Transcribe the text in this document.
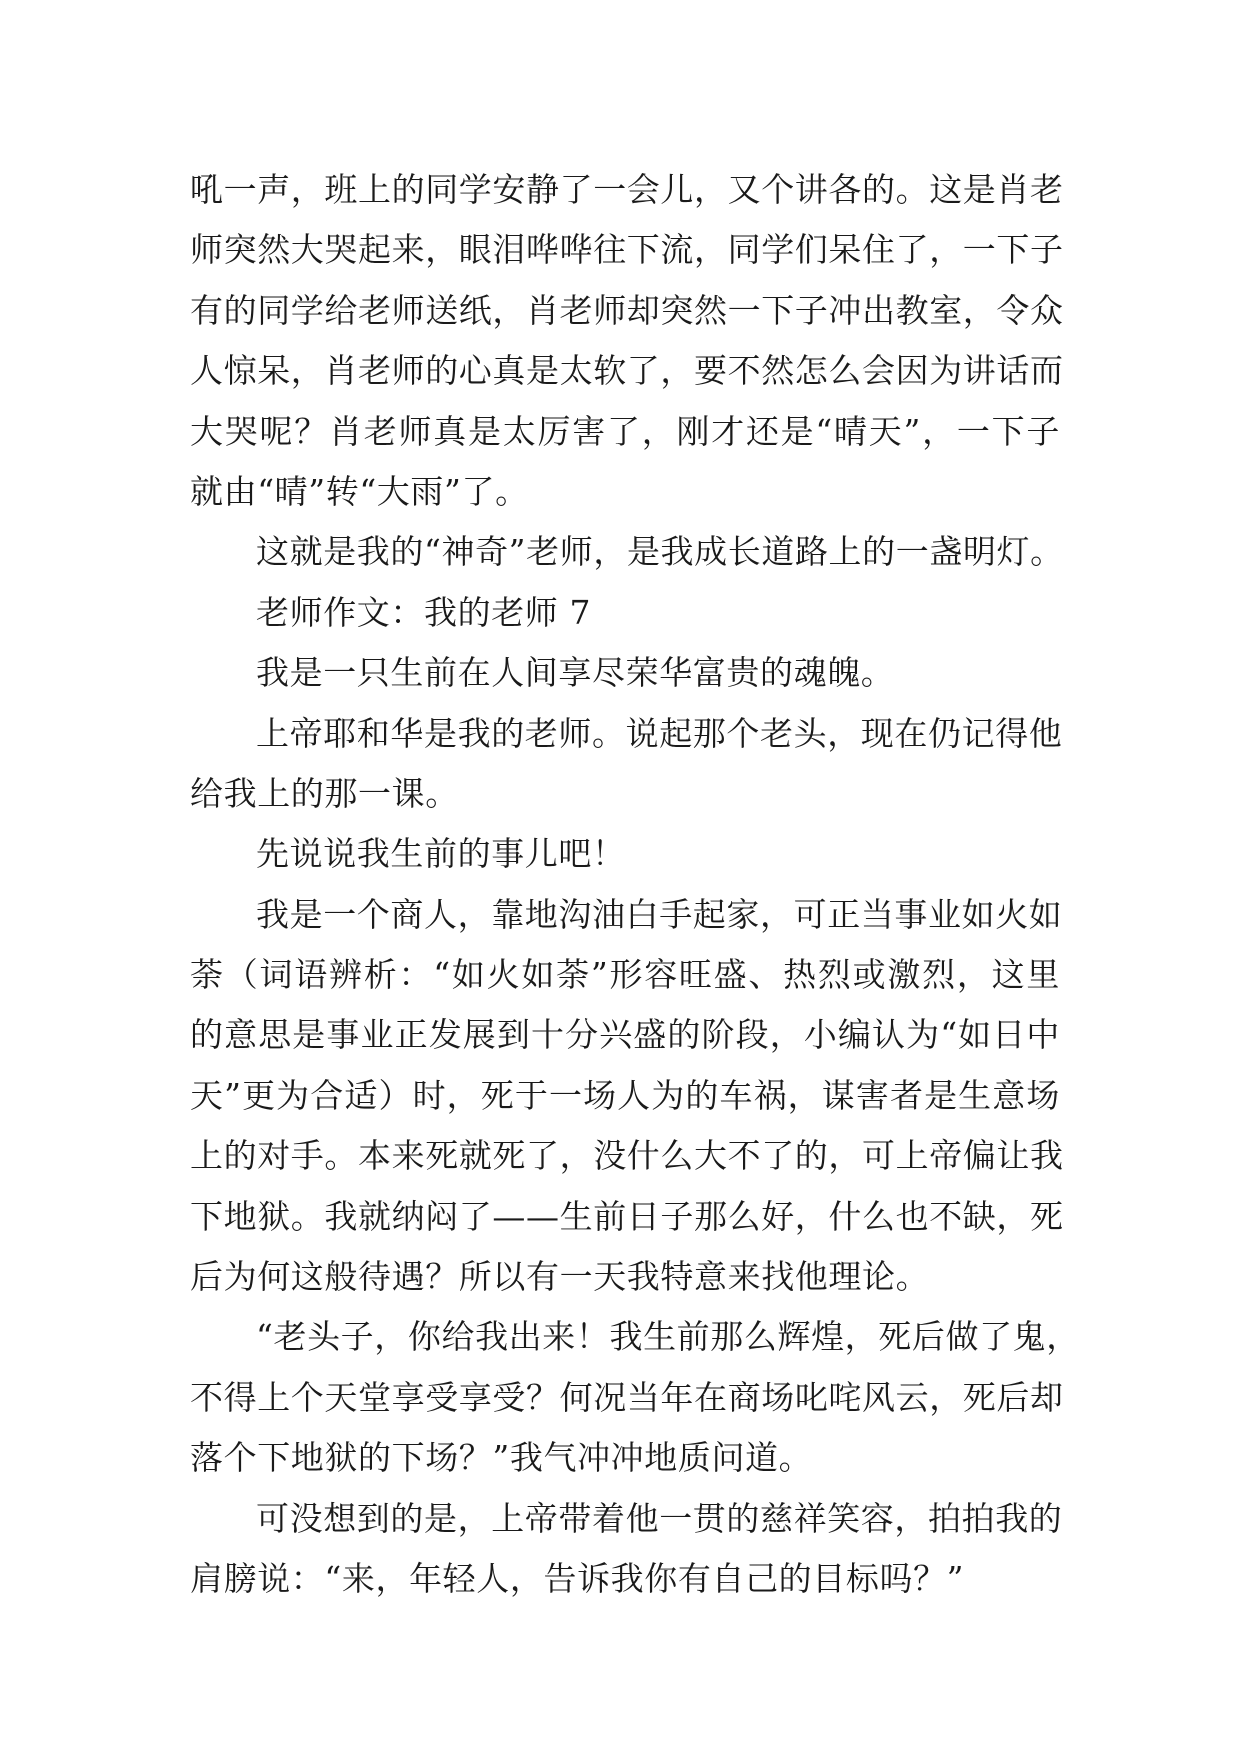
吼一声，班上的同学安静了一会儿，又个讲各的。这是肖老
师突然大哭起来，眼泪哗哗往下流，同学们呆住了，一下子
有的同学给老师送纸，肖老师却突然一下子冲出教室，令众
人惊呆，肖老师的心真是太软了，要不然怎么会因为讲话而
大哭呢？肖老师真是太厉害了，刚才还是“晴天”，一下子
就由“晴”转“大雨”了。
这就是我的“神奇”老师，是我成长道路上的一盏明灯。
老师作文：我的老师 7
我是一只生前在人间享尽荣华富贵的魂魄。
上帝耶和华是我的老师。说起那个老头，现在仍记得他
给我上的那一课。
先说说我生前的事儿吧！
我是一个商人，靠地沟油白手起家，可正当事业如火如
荼（词语辨析：“如火如荼”形容旺盛、热烈或激烈，这里
的意思是事业正发展到十分兴盛的阶段，小编认为“如日中
天”更为合适）时，死于一场人为的车祸，谋害者是生意场
上的对手。本来死就死了，没什么大不了的，可上帝偏让我
下地狱。我就纳闷了——生前日子那么好，什么也不缺，死
后为何这般待遇？所以有一天我特意来找他理论。
“老头子，你给我出来！我生前那么辉煌，死后做了鬼，
不得上个天堂享受享受？何况当年在商场叱咤风云，死后却
落个下地狱的下场？”我气冲冲地质问道。
可没想到的是，上帝带着他一贯的慈祥笑容，拍拍我的
肩膀说：“来，年轻人，告诉我你有自己的目标吗？”
